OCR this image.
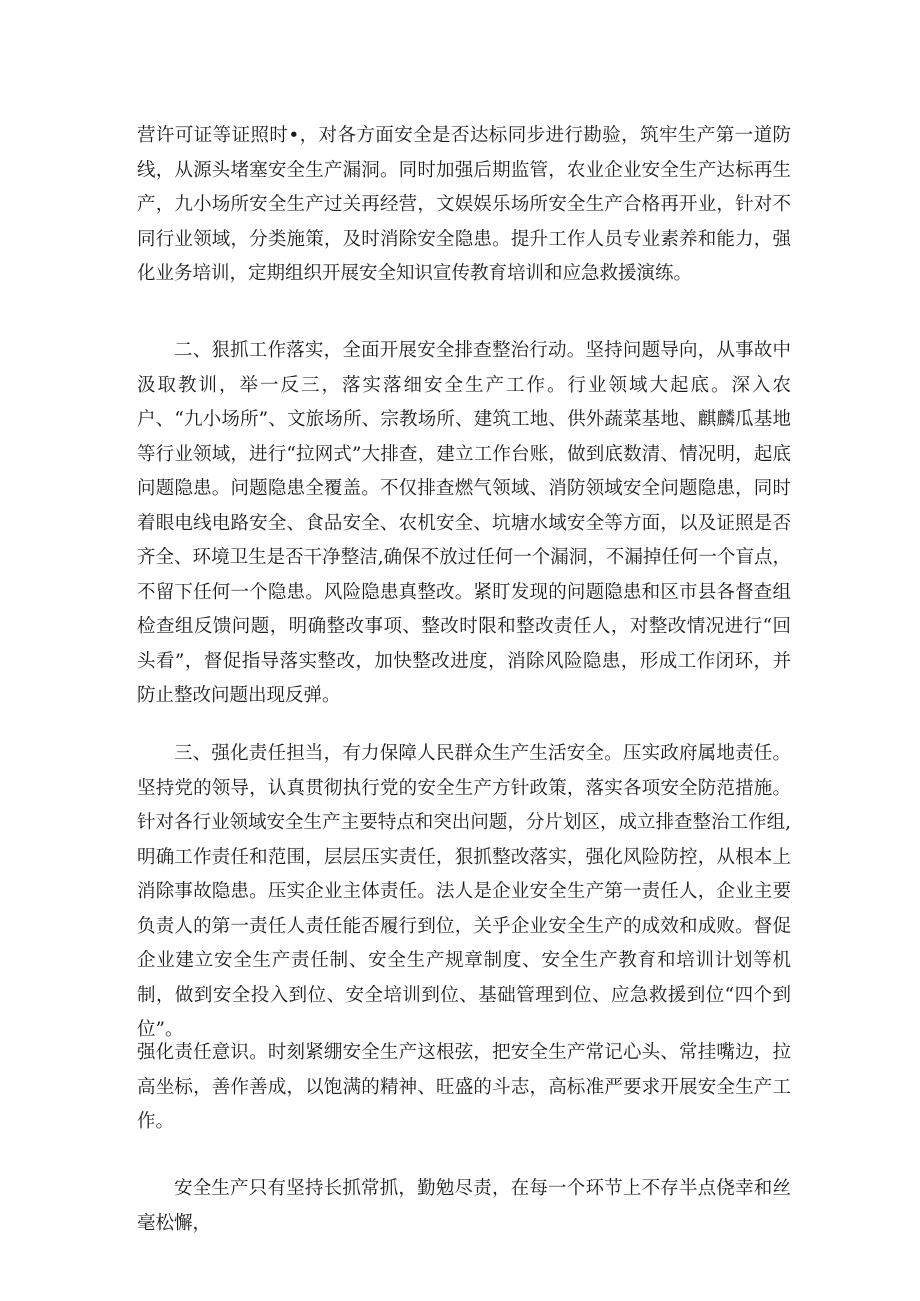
营许可证等证照时•，对各方面安全是否达标同步进行勘验，筑牢生产第一道防线，从源头堵塞安全生产漏洞。同时加强后期监管，农业企业安全生产达标再生产，九小场所安全生产过关再经营，文娱娱乐场所安全生产合格再开业，针对不同行业领域，分类施策，及时消除安全隐患。提升工作人员专业素养和能力，强化业务培训，定期组织开展安全知识宣传教育培训和应急救援演练。

二、狠抓工作落实，全面开展安全排查整治行动。坚持问题导向，从事故中汲取教训，举一反三，落实落细安全生产工作。行业领域大起底。深入农户、“九小场所”、文旅场所、宗教场所、建筑工地、供外蔬菜基地、麒麟瓜基地等行业领域，进行“拉网式”大排查，建立工作台账，做到底数清、情况明，起底问题隐患。问题隐患全覆盖。不仅排查燃气领域、消防领域安全问题隐患，同时着眼电线电路安全、食品安全、农机安全、坑塘水域安全等方面，以及证照是否齐全、环境卫生是否干净整洁,确保不放过任何一个漏洞，不漏掉任何一个盲点，不留下任何一个隐患。风险隐患真整改。紧盯发现的问题隐患和区市县各督查组检查组反馈问题，明确整改事项、整改时限和整改责任人，对整改情况进行“回头看”，督促指导落实整改，加快整改进度，消除风险隐患，形成工作闭环，并防止整改问题出现反弹。

三、强化责任担当，有力保障人民群众生产生活安全。压实政府属地责任。坚持党的领导，认真贯彻执行党的安全生产方针政策，落实各项安全防范措施。针对各行业领域安全生产主要特点和突出问题，分片划区，成立排查整治工作组,明确工作责任和范围，层层压实责任，狠抓整改落实，强化风险防控，从根本上消除事故隐患。压实企业主体责任。法人是企业安全生产第一责任人，企业主要负责人的第一责任人责任能否履行到位，关乎企业安全生产的成效和成败。督促企业建立安全生产责任制、安全生产规章制度、安全生产教育和培训计划等机制，做到安全投入到位、安全培训到位、基础管理到位、应急救援到位“四个到位”。

强化责任意识。时刻紧绷安全生产这根弦，把安全生产常记心头、常挂嘴边，拉高坐标，善作善成，以饱满的精神、旺盛的斗志，高标准严要求开展安全生产工作。

安全生产只有坚持长抓常抓，勤勉尽责，在每一个环节上不存半点侥幸和丝毫松懈，
